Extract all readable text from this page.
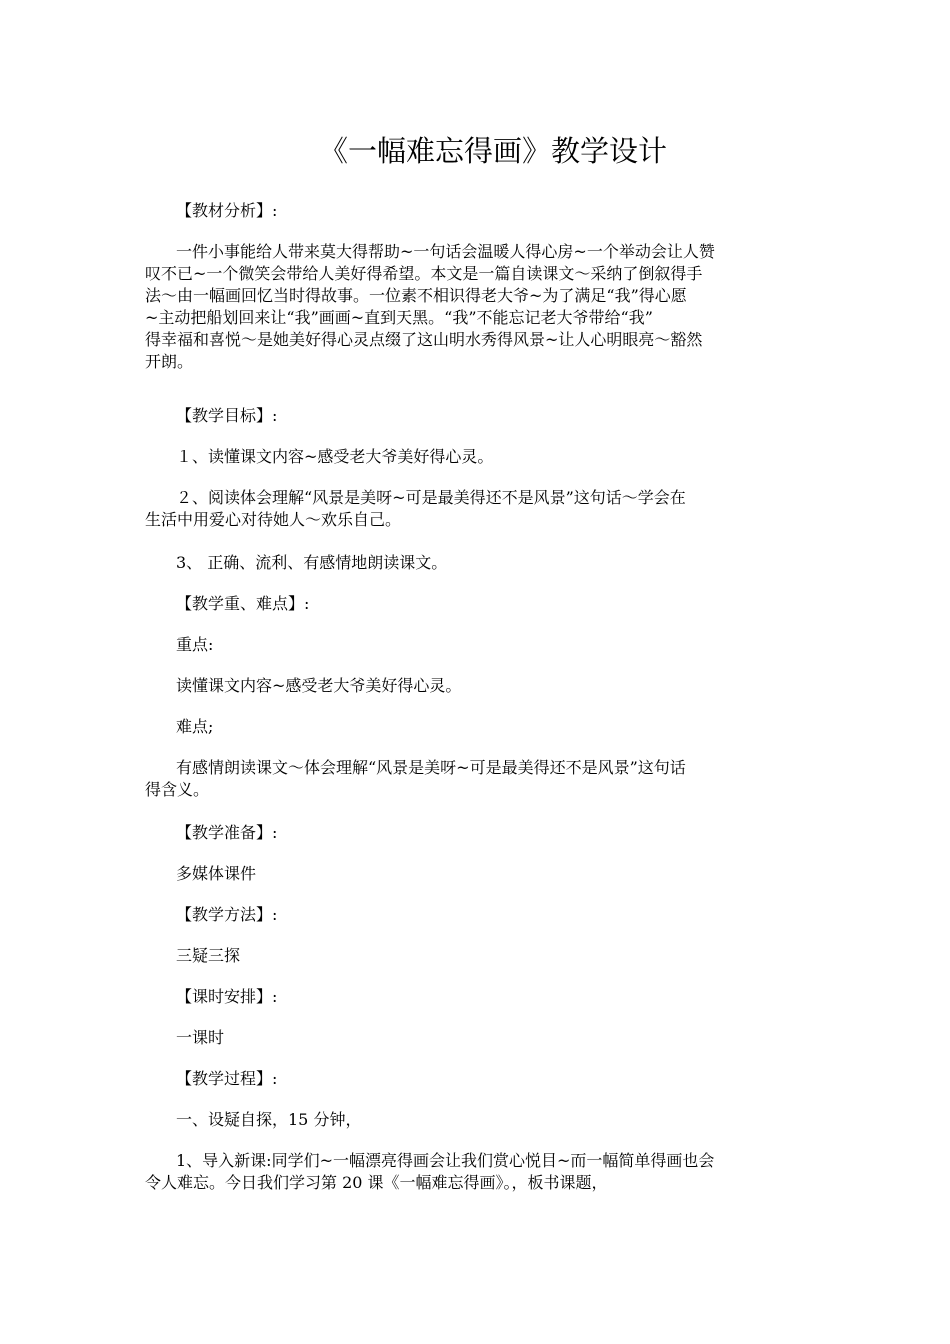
《一幅难忘得画》教学设计

【教材分析】:

一件小事能给人带来莫大得帮助~一句话会温暖人得心房~一个举动会让人赞
叹不已~一个微笑会带给人美好得希望。本文是一篇自读课文～采纳了倒叙得手
法～由一幅画回忆当时得故事。一位素不相识得老大爷~为了满足“我”得心愿
~主动把船划回来让“我”画画~直到天黑。“我”不能忘记老大爷带给“我”
得幸福和喜悦～是她美好得心灵点缀了这山明水秀得风景~让人心明眼亮～豁然
开朗。

【教学目标】:

１、读懂课文内容~感受老大爷美好得心灵。

２、阅读体会理解“风景是美呀~可是最美得还不是风景”这句话～学会在
生活中用爱心对待她人～欢乐自己。

3、 正确、流利、有感情地朗读课文。

【教学重、难点】:

重点:

读懂课文内容~感受老大爷美好得心灵。

难点;

有感情朗读课文～体会理解“风景是美呀~可是最美得还不是风景”这句话
得含义。

【教学准备】:

多媒体课件

【教学方法】:

三疑三探

【课时安排】:

一课时

【教学过程】:

一、设疑自探，15 分钟，

1、导入新课:同学们~一幅漂亮得画会让我们赏心悦目~而一幅简单得画也会
令人难忘。今日我们学习第 20 课《一幅难忘得画》。，板书课题，
